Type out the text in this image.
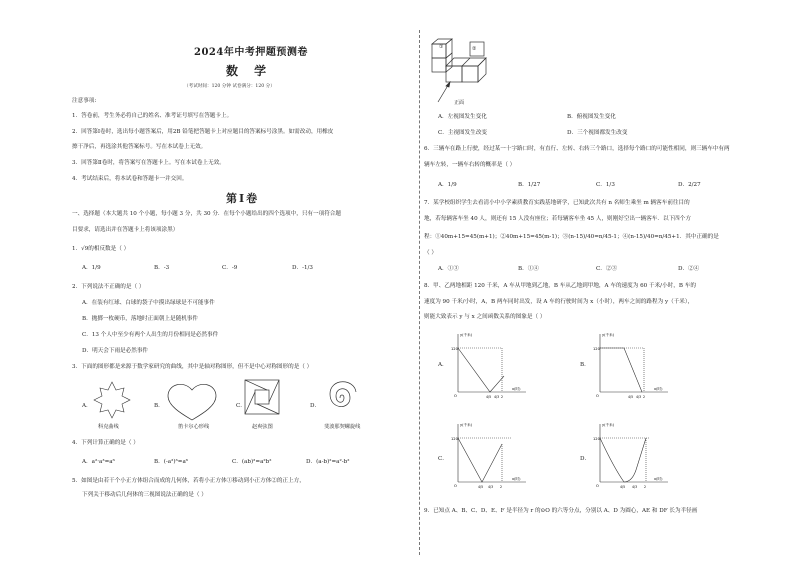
2024年中考押题预测卷
数 学
（考试时间：120 分钟 试卷满分：120 分）
注意事项:
1．答卷前，考生务必将自己的姓名、准考证号填写在答题卡上。
2．回答第Ⅰ卷时，选出每小题答案后，用2B 铅笔把答题卡上对应题目的答案标号涂黑。如需改动，用橡皮
擦干净后，再选涂其他答案标号。写在本试卷上无效。
3．回答第Ⅱ卷时，将答案写在答题卡上。写在本试卷上无效。
4．考试结束后，将本试卷和答题卡一并交回。
第Ⅰ卷
一、选择题（本大题共 10 个小题，每小题 3 分，共 30 分．在每个小题给出的四个选项中，只有一项符合题
目要求，请选出并在答题卡上将该项涂黑）
1．√9的相反数是（ ）
A．1/9	B．-3	C．-9	D．-1/3
2．下列说法不正确的是（ ）
A．在装有红球、白球的袋子中摸出绿球是不可能事件
B．抛掷一枚硬币，落地时正面朝上是随机事件
C．13 个人中至少有两个人出生的月份相同是必然事件
D．明天会下雨是必然事件
3．下面的图形都是来源于数学家研究的曲线，其中是轴对称图形，但不是中心对称图形的是（ ）
A．	B．	C．	D．
科克曲线	笛卡尔心形线	赵爽弦图	斐波那契螺旋线
4．下列计算正确的是（ ）
A．a²·a³=a⁶	B．(-a²)³=a⁶	C．(ab)²=a²b²	D．(a-b)²=a²-b²
5．如图是由若干个小正方体组合而成的几何体，若将小正方体①移动到小正方体②的正上方，
下列关于移动后几何体的三视图说法正确的是（ ）
①	②
正面
A．左视图发生变化	B．俯视图发生变化
C．主视图发生改变	D．三个视图都发生改变
6．三辆车在路上行驶，经过某一十字路口时，有直行、左转、右转三个路口，选择每个路口的可能性相同，则三辆车中有两
辆车左转，一辆车右转的概率是（ ）
A．1/9	B．1/27	C．1/3	D．2/27
7．某学校组织学生去看清小中小学素质教育实践基地研学，已知此次共有 n 名师生乘坐 m 辆客车前往目的
地，若每辆客车坐 40 人，则还有 15 人没有座位；若每辆客车坐 45 人，则刚好空出一辆客车．以下四个方
程：①40m+15=45(m+1)；②40m+15=45(m-1)；③(n-15)/40=n/45-1；④(n-15)/40=n/45+1．其中正确的是
（ ）
A．①③	B．①④	C．②③	D．②④
8．甲、乙两地相距 120 千米，A 车从甲地到乙地，B 车从乙地到甲地，A 车的速度为 60 千米/小时，B 车的
速度为 90 千米/小时，A，B 两车同时出发，设 A 车的行驶时间为 x（小时），两车之间的路程为 y（千米），
则能大致表示 y 与 x 之间函数关系的图象是（ ）
A．	B．
C．	D．
y(千米)
x(时)
120
O	4/5 4/3 2
y(千米)
x(时)
120
O	4/5 4/3 2
y(千米)
x(时)
120
O	4/5 4/3 2
y(千米)
x(时)
120
O	4/5 4/3 2
9．已知点 A、B、C、D、E、F 是半径为 r 的⊙O 的六等分点，分别以 A、D 为圆心，AE 和 DF 长为半径画
